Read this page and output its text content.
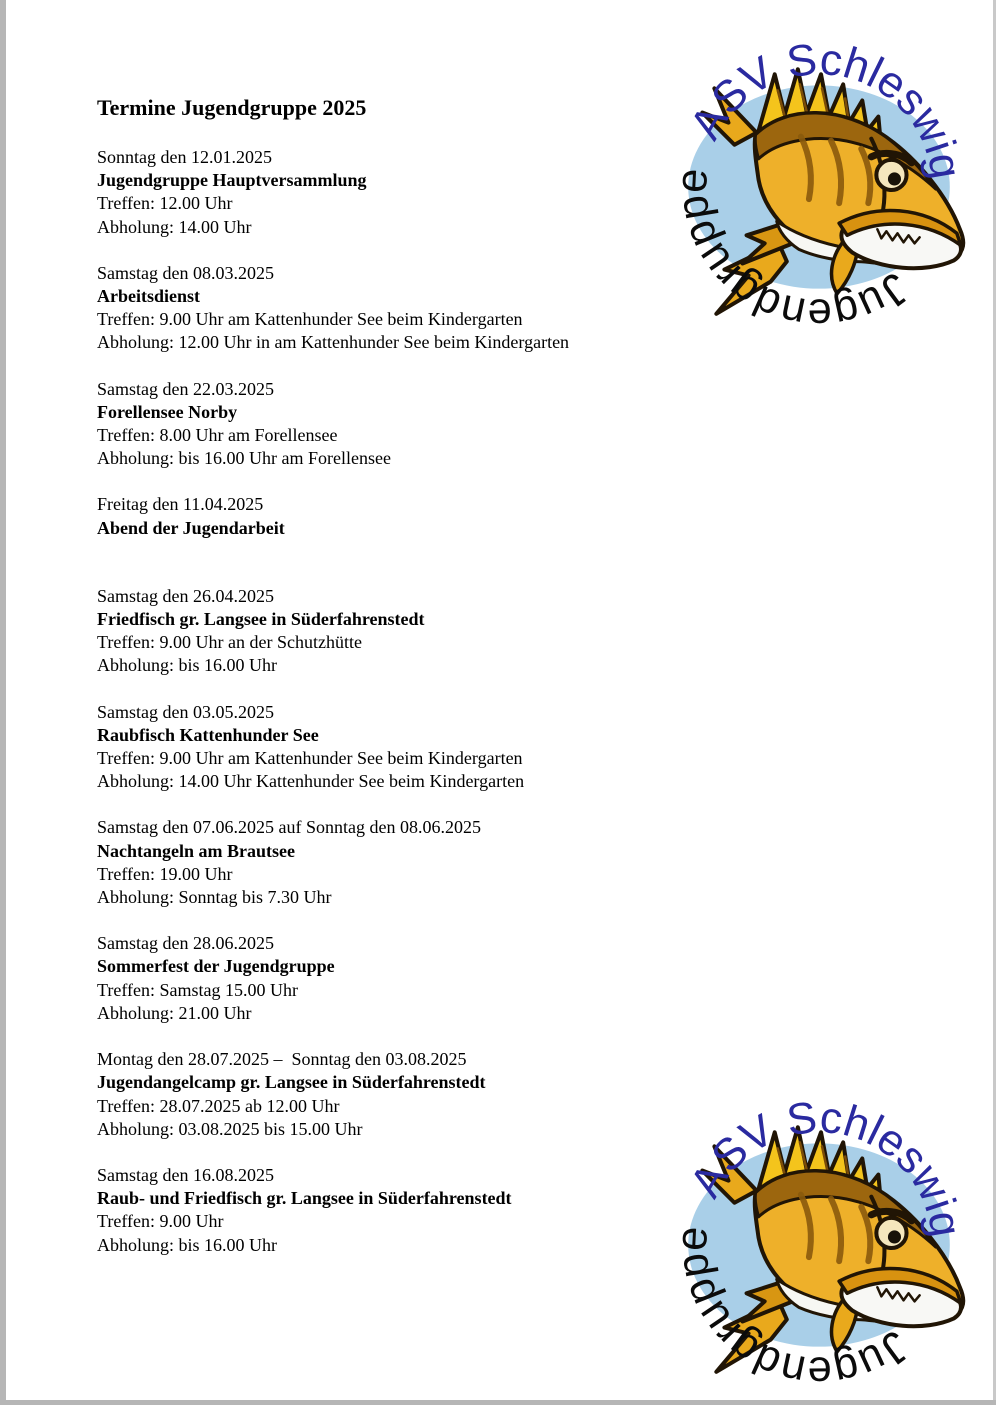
Termine Jugendgruppe 2025
Sonntag den 12.01.2025
Jugendgruppe Hauptversammlung
Treffen: 12.00 Uhr
Abholung: 14.00 Uhr
Samstag den 08.03.2025
Arbeitsdienst
Treffen: 9.00 Uhr am Kattenhunder See beim Kindergarten
Abholung: 12.00 Uhr in am Kattenhunder See beim Kindergarten
Samstag den 22.03.2025
Forellensee Norby
Treffen: 8.00 Uhr am Forellensee
Abholung: bis 16.00 Uhr am Forellensee
Freitag den 11.04.2025
Abend der Jugendarbeit
Samstag den 26.04.2025
Friedfisch gr. Langsee in Süderfahrenstedt
Treffen: 9.00 Uhr an der Schutzhütte
Abholung: bis 16.00 Uhr
Samstag den 03.05.2025
Raubfisch Kattenhunder See
Treffen: 9.00 Uhr am Kattenhunder See beim Kindergarten
Abholung: 14.00 Uhr Kattenhunder See beim Kindergarten
Samstag den 07.06.2025 auf Sonntag den 08.06.2025
Nachtangeln am Brautsee
Treffen: 19.00 Uhr
Abholung: Sonntag bis 7.30 Uhr
Samstag den 28.06.2025
Sommerfest der Jugendgruppe
Treffen: Samstag 15.00 Uhr
Abholung: 21.00 Uhr
Montag den 28.07.2025 –  Sonntag den 03.08.2025
Jugendangelcamp gr. Langsee in Süderfahrenstedt
Treffen: 28.07.2025 ab 12.00 Uhr
Abholung: 03.08.2025 bis 15.00 Uhr
Samstag den 16.08.2025
Raub- und Friedfisch gr. Langsee in Süderfahrenstedt
Treffen: 9.00 Uhr
Abholung: bis 16.00 Uhr
ASV Schleswig
Jugendgruppe
ASV Schleswig
Jugendgruppe
